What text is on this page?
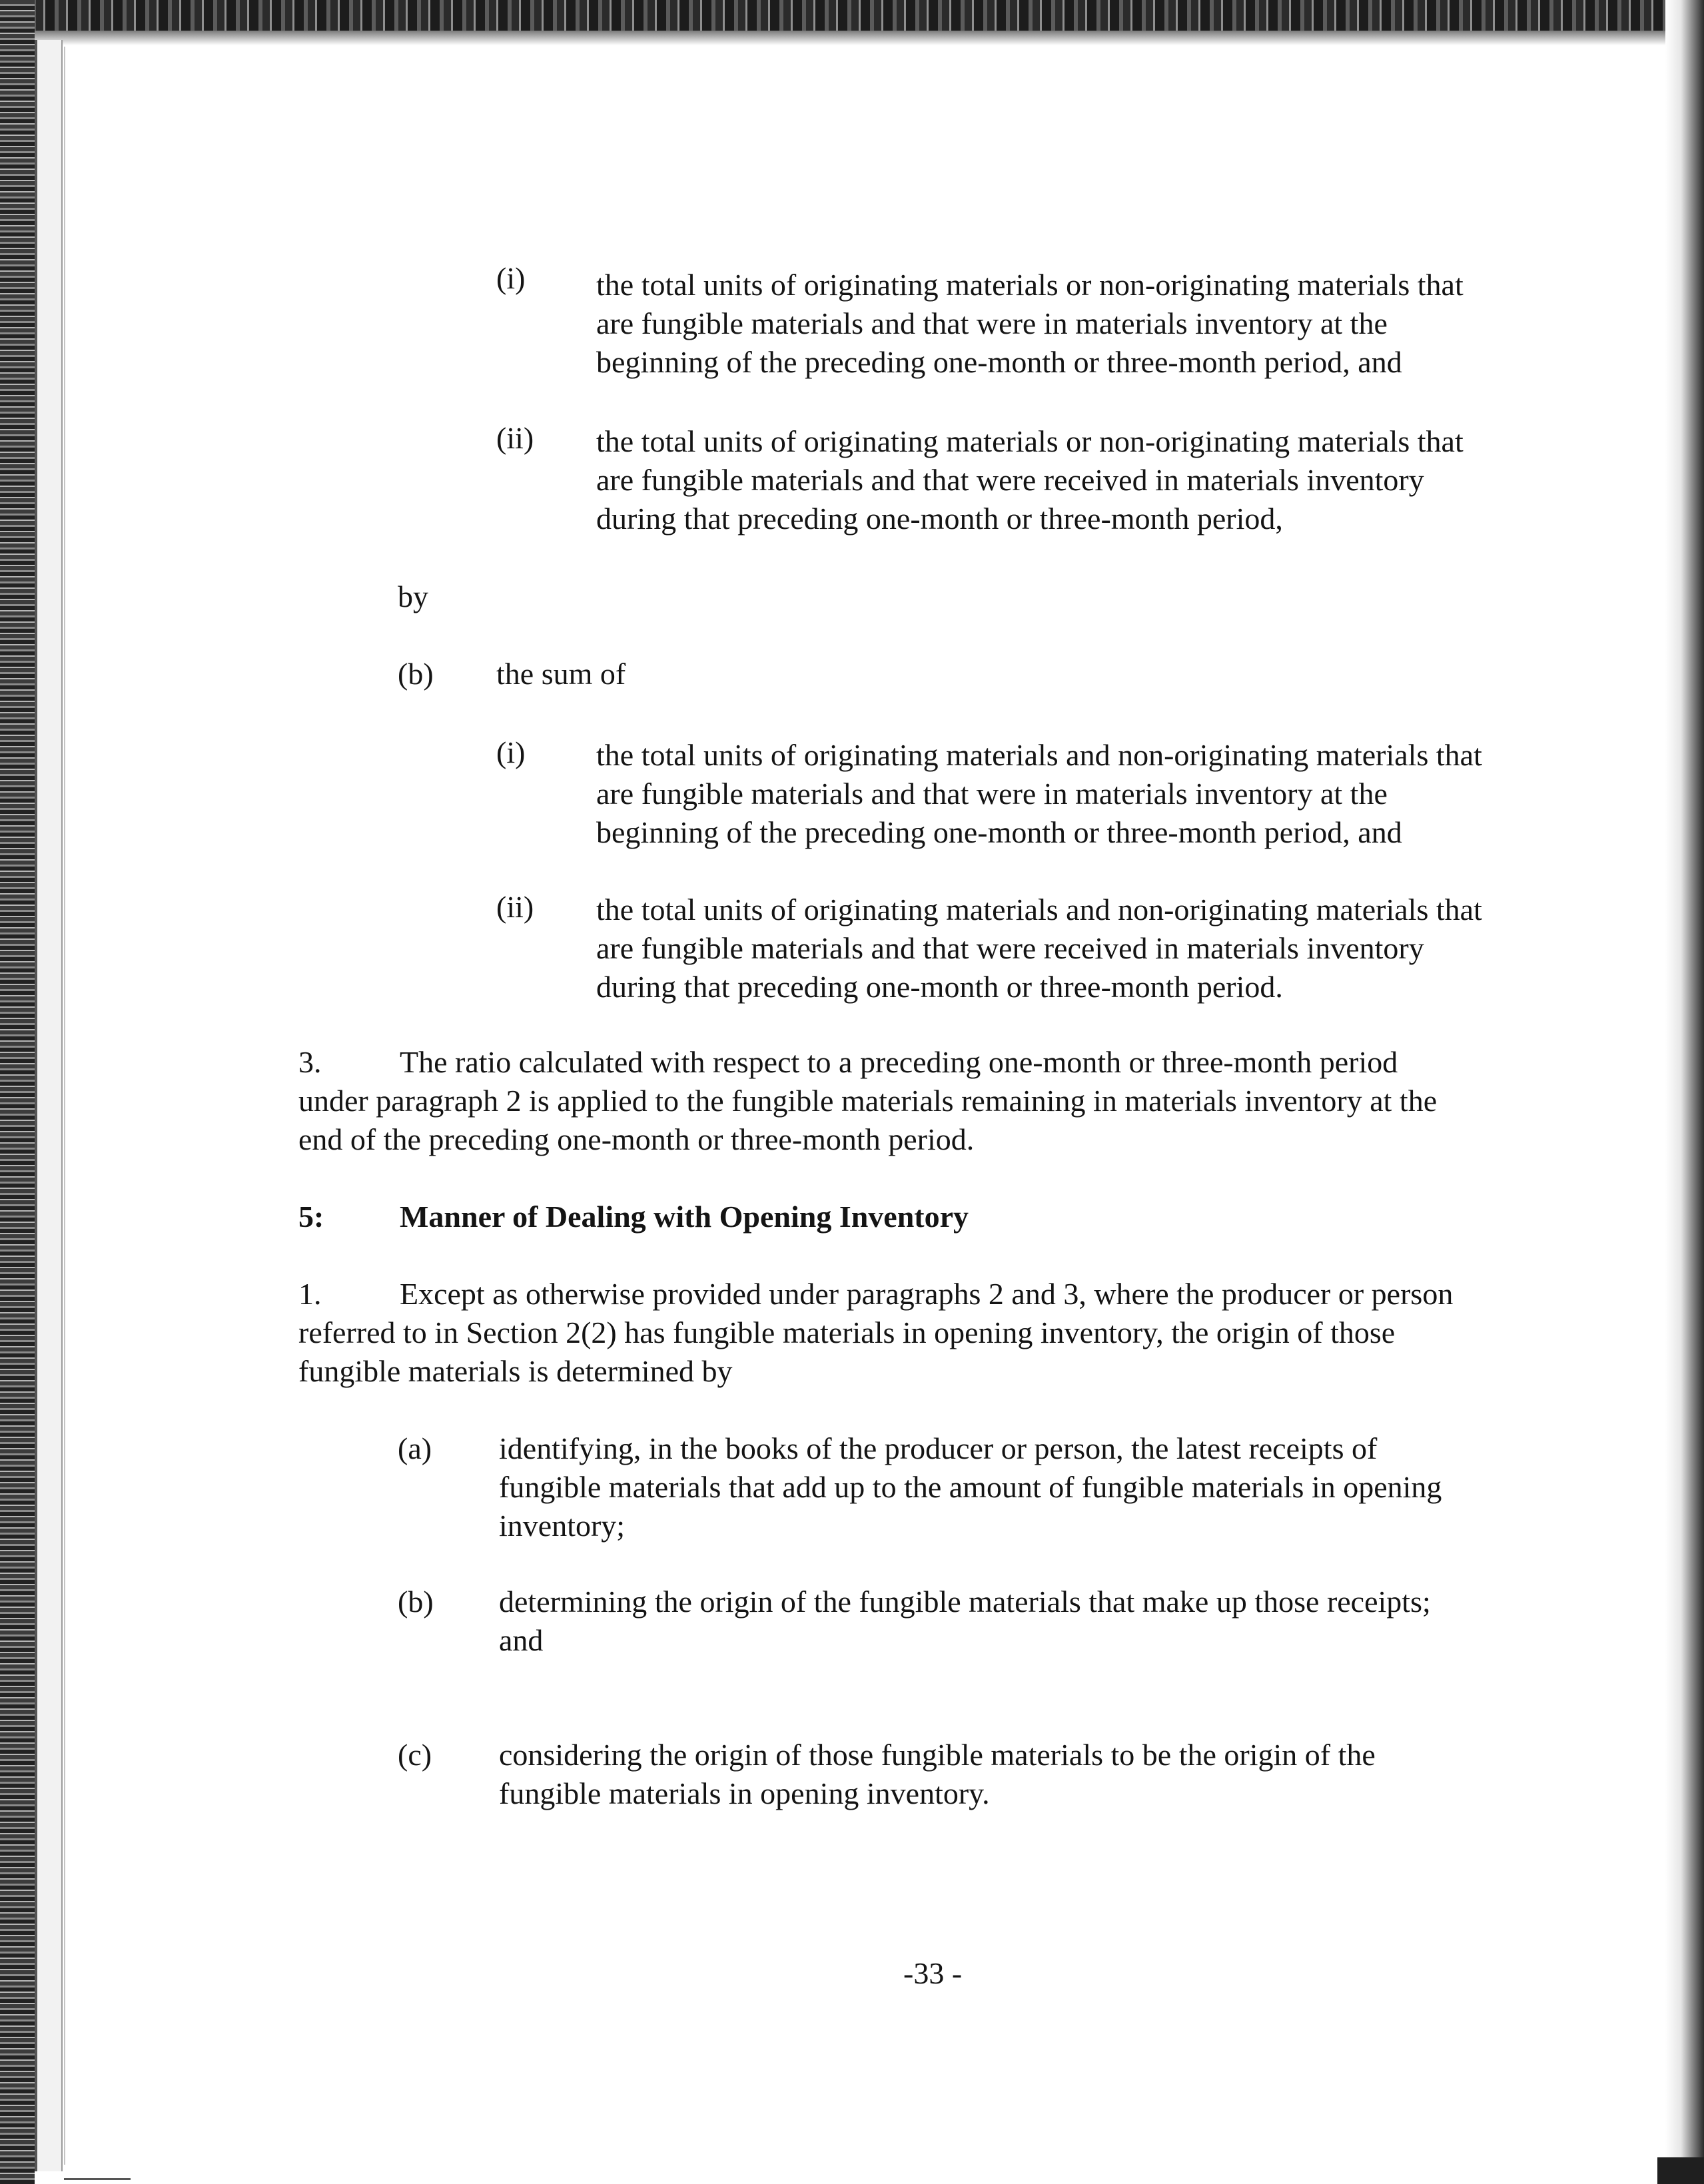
(i) the total units of originating materials or non-originating materials that
are fungible materials and that were in materials inventory at the
beginning of the preceding one-month or three-month period, and
(ii) the total units of originating materials or non-originating materials that
are fungible materials and that were received in materials inventory
during that preceding one-month or three-month period,
by
(b) the sum of
(i) the total units of originating materials and non-originating materials that
are fungible materials and that were in materials inventory at the
beginning of the preceding one-month or three-month period, and
(ii) the total units of originating materials and non-originating materials that
are fungible materials and that were received in materials inventory
during that preceding one-month or three-month period.
3.	The ratio calculated with respect to a preceding one-month or three-month period
under paragraph 2 is applied to the fungible materials remaining in materials inventory at the
end of the preceding one-month or three-month period.
5: Manner of Dealing with Opening Inventory
1.	Except as otherwise provided under paragraphs 2 and 3, where the producer or person
referred to in Section 2(2) has fungible materials in opening inventory, the origin of those
fungible materials is determined by
(a) identifying, in the books of the producer or person, the latest receipts of
fungible materials that add up to the amount of fungible materials in opening
inventory;
(b) determining the origin of the fungible materials that make up those receipts;
and
(c) considering the origin of those fungible materials to be the origin of the
fungible materials in opening inventory.
-33 -
